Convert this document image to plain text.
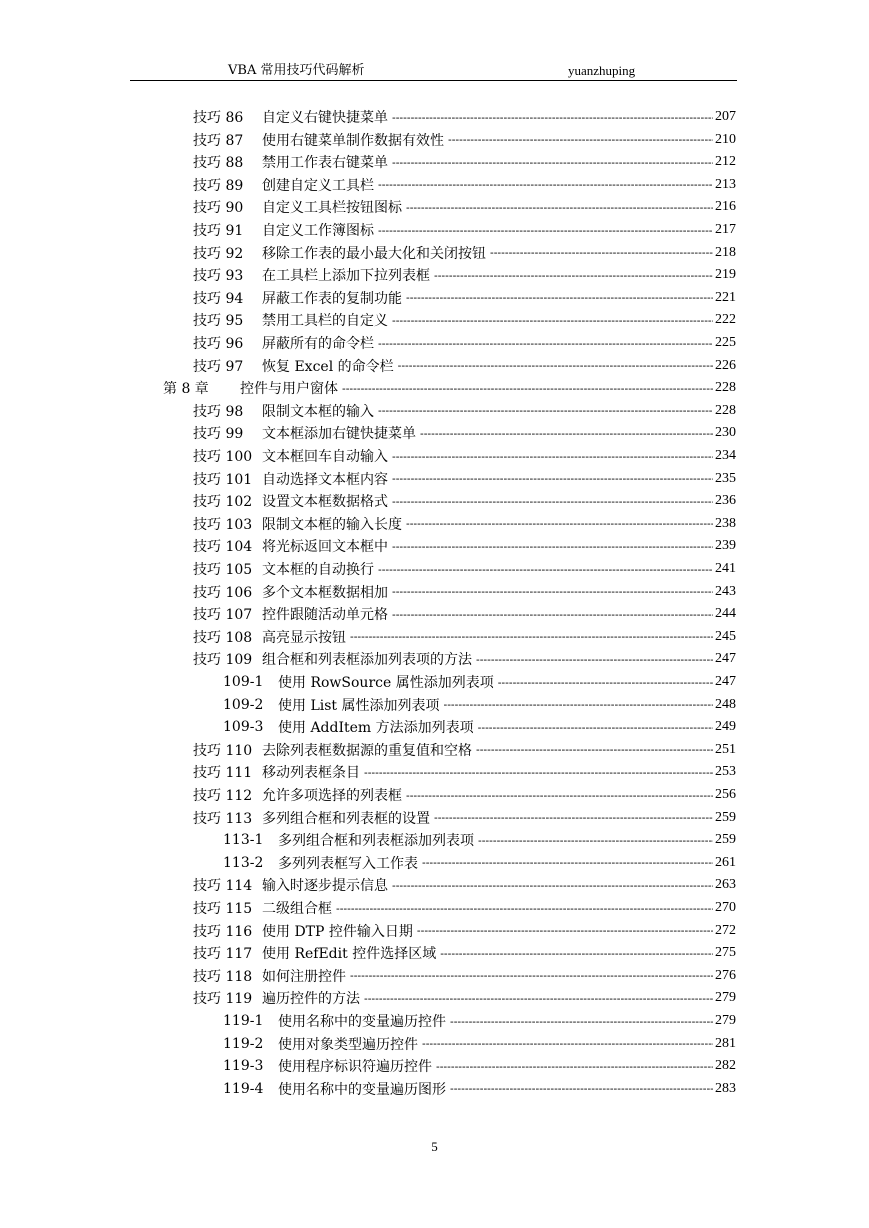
VBA 常用技巧代码解析	yuanzhuping
技巧 86	自定义右键快捷菜单 -----	207
技巧 87	使用右键菜单制作数据有效性 -----	210
技巧 88	禁用工作表右键菜单 -----	212
技巧 89	创建自定义工具栏 -----	213
技巧 90	自定义工具栏按钮图标 -----	216
技巧 91	自定义工作簿图标 -----	217
技巧 92	移除工作表的最小最大化和关闭按钮 -----	218
技巧 93	在工具栏上添加下拉列表框 -----	219
技巧 94	屏蔽工作表的复制功能 -----	221
技巧 95	禁用工具栏的自定义 -----	222
技巧 96	屏蔽所有的命令栏 -----	225
技巧 97	恢复 Excel 的命令栏 -----	226
第 8 章	控件与用户窗体 -----	228
技巧 98	限制文本框的输入 -----	228
技巧 99	文本框添加右键快捷菜单 -----	230
技巧 100 文本框回车自动输入 -----	234
技巧 101 自动选择文本框内容 -----	235
技巧 102 设置文本框数据格式 -----	236
技巧 103 限制文本框的输入长度 -----	238
技巧 104 将光标返回文本框中 -----	239
技巧 105 文本框的自动换行 -----	241
技巧 106 多个文本框数据相加 -----	243
技巧 107 控件跟随活动单元格 -----	244
技巧 108 高亮显示按钮 -----	245
技巧 109 组合框和列表框添加列表项的方法 -----	247
109-1	使用 RowSource 属性添加列表项 -----	247
109-2	使用 List 属性添加列表项 -----	248
109-3	使用 AddItem 方法添加列表项 -----	249
技巧 110 去除列表框数据源的重复值和空格 -----	251
技巧 111 移动列表框条目 -----	253
技巧 112 允许多项选择的列表框 -----	256
技巧 113 多列组合框和列表框的设置 -----	259
113-1	多列组合框和列表框添加列表项 -----	259
113-2	多列列表框写入工作表 -----	261
技巧 114 输入时逐步提示信息 -----	263
技巧 115 二级组合框 -----	270
技巧 116 使用 DTP 控件输入日期 -----	272
技巧 117 使用 RefEdit 控件选择区域 -----	275
技巧 118 如何注册控件 -----	276
技巧 119 遍历控件的方法 -----	279
119-1	使用名称中的变量遍历控件 -----	279
119-2	使用对象类型遍历控件 -----	281
119-3	使用程序标识符遍历控件 -----	282
119-4	使用名称中的变量遍历图形 -----	283
5
